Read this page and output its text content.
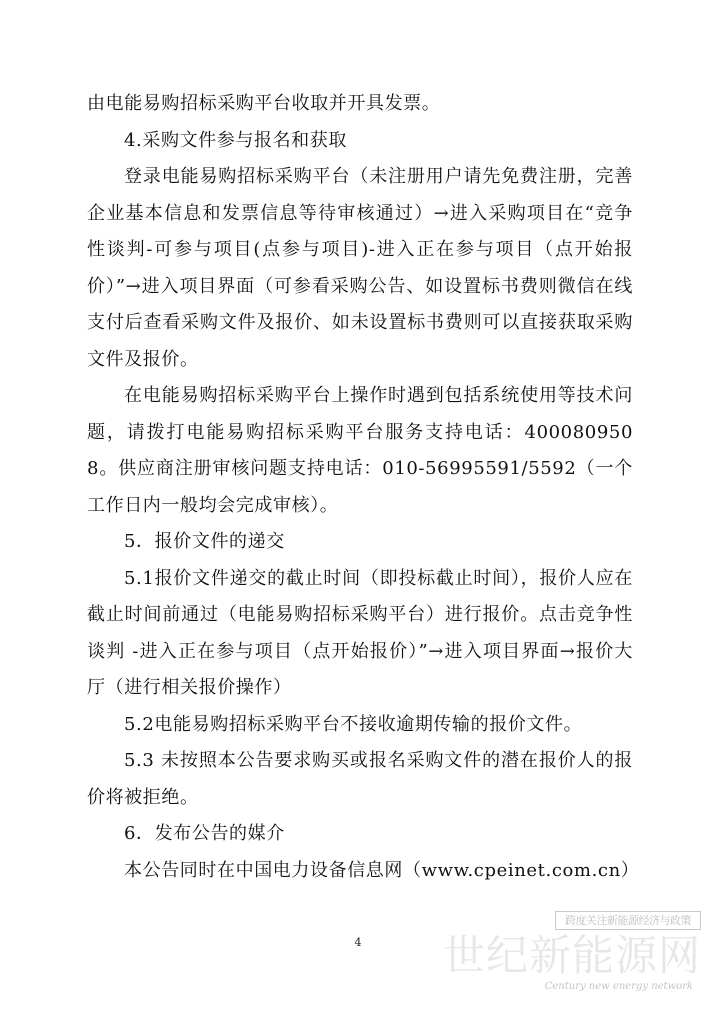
由电能易购招标采购平台收取并开具发票。

4.采购文件参与报名和获取

登录电能易购招标采购平台（未注册用户请先免费注册，完善企业基本信息和发票信息等待审核通过）→进入采购项目在“竞争性谈判-可参与项目(点参与项目)-进入正在参与项目（点开始报价）”→进入项目界面（可参看采购公告、如设置标书费则微信在线支付后查看采购文件及报价、如未设置标书费则可以直接获取采购文件及报价。

在电能易购招标采购平台上操作时遇到包括系统使用等技术问题，请拨打电能易购招标采购平台服务支持电话：4000809508。供应商注册审核问题支持电话：010-56995591/5592（一个工作日内一般均会完成审核）。

5．报价文件的递交

5.1报价文件递交的截止时间（即投标截止时间），报价人应在截止时间前通过（电能易购招标采购平台）进行报价。点击竞争性谈判 -进入正在参与项目（点开始报价）”→进入项目界面→报价大厅（进行相关报价操作）

5.2电能易购招标采购平台不接收逾期传输的报价文件。

5.3 未按照本公告要求购买或报名采购文件的潜在报价人的报价将被拒绝。

6．发布公告的媒介

本公告同时在中国电力设备信息网（www.cpeinet.com.cn）

4
跨度关注新能源经济与政策
世纪新能源网
Century new energy network
